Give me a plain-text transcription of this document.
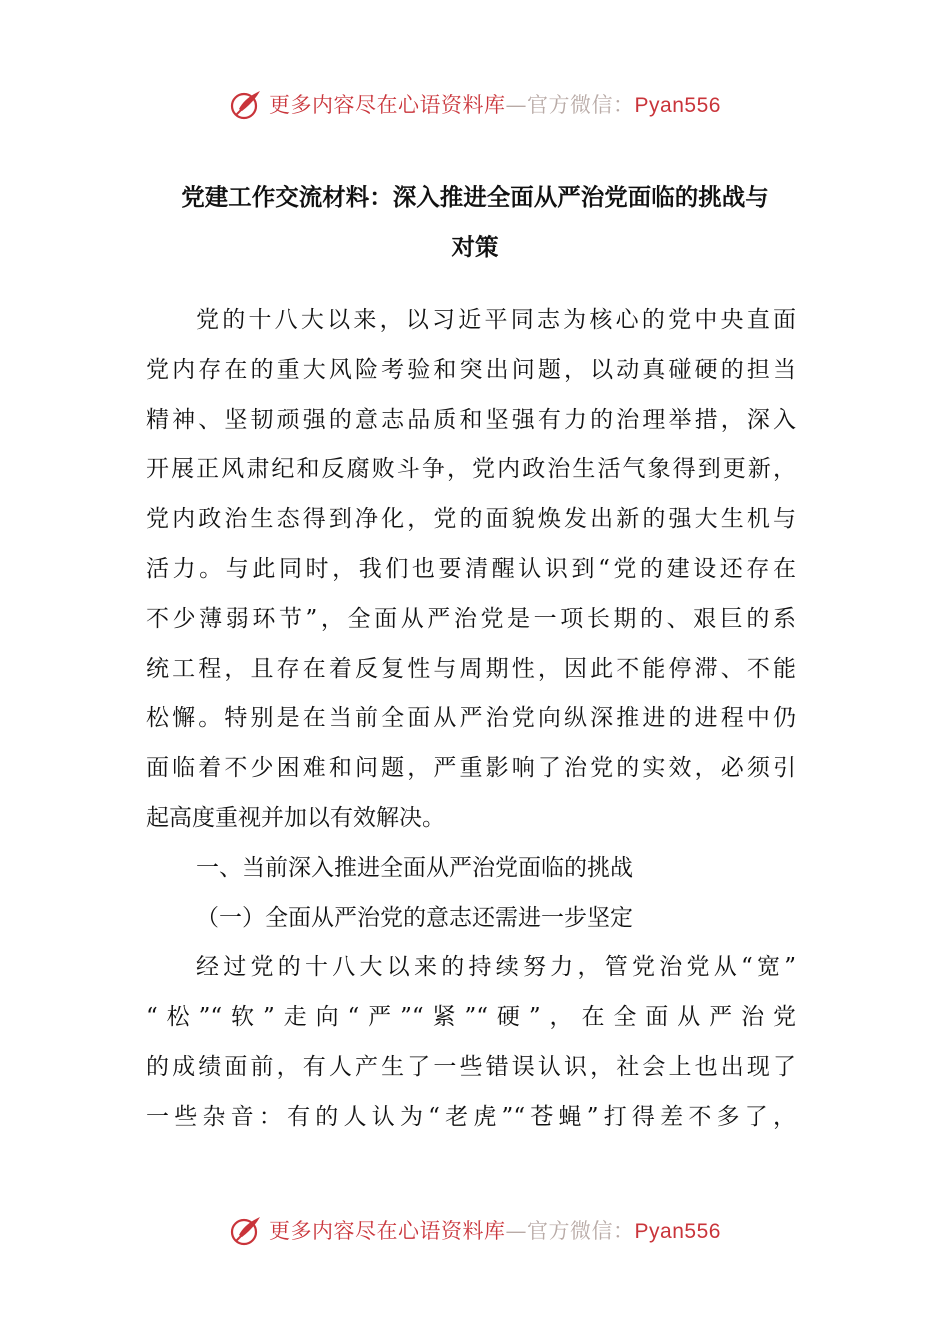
更多内容尽在心语资料库—官方微信：Pyan556
党建工作交流材料：深入推进全面从严治党面临的挑战与
对策
党的十八大以来，以习近平同志为核心的党中央直面
党内存在的重大风险考验和突出问题，以动真碰硬的担当
精神、坚韧顽强的意志品质和坚强有力的治理举措，深入
开展正风肃纪和反腐败斗争，党内政治生活气象得到更新，
党内政治生态得到净化，党的面貌焕发出新的强大生机与
活力。与此同时，我们也要清醒认识到“党的建设还存在
不少薄弱环节”，全面从严治党是一项长期的、艰巨的系
统工程，且存在着反复性与周期性，因此不能停滞、不能
松懈。特别是在当前全面从严治党向纵深推进的进程中仍
面临着不少困难和问题，严重影响了治党的实效，必须引
起高度重视并加以有效解决。
一、当前深入推进全面从严治党面临的挑战
（一）全面从严治党的意志还需进一步坚定
经过党的十八大以来的持续努力，管党治党从“宽”
“松”“软”走向“严”“紧”“硬”，在全面从严治党
的成绩面前，有人产生了一些错误认识，社会上也出现了
一些杂音：有的人认为“老虎”“苍蝇”打得差不多了，
更多内容尽在心语资料库—官方微信：Pyan556
